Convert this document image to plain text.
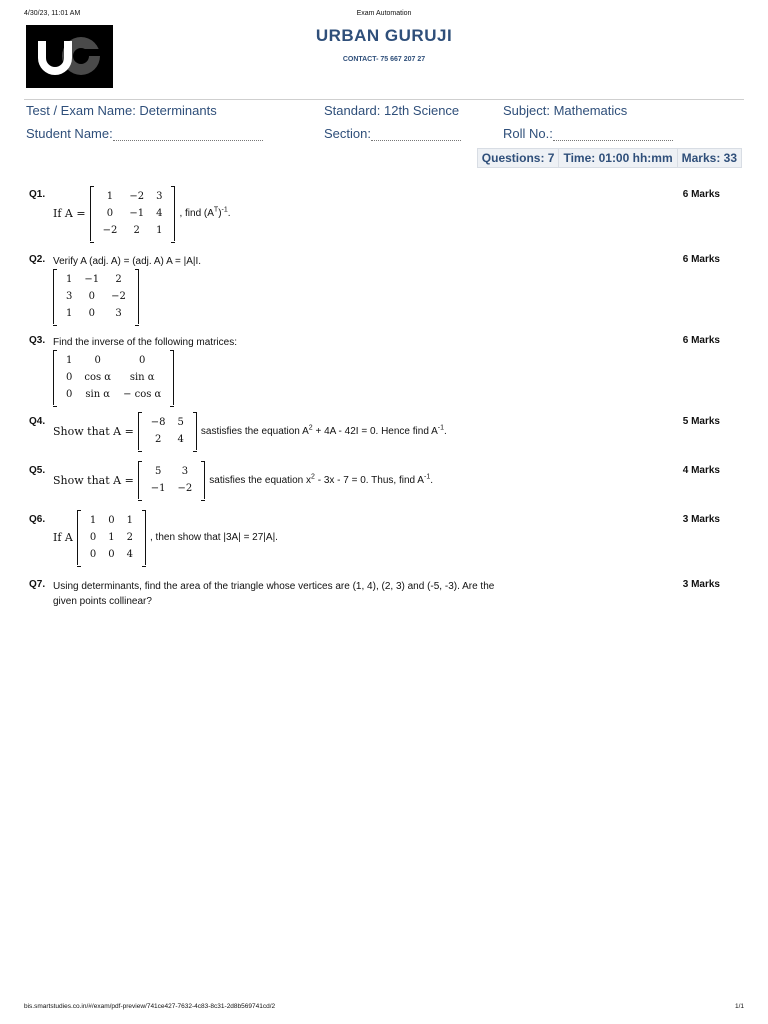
4/30/23, 11:01 AM	Exam Automation
URBAN GURUJI
CONTACT- 75 667 207 27
Test / Exam Name: Determinants	Standard: 12th Science	Subject: Mathematics
Student Name:	Section:	Roll No.:
Questions: 7 Time: 01:00 hh:mm Marks: 33
Q1.	6 Marks
If A =
1	−2	3
0	−1	4
−2	2	1
, find $(A^T)^{-1}$.
Q2.	6 Marks
Verify A (adj. A) = (adj. A) A = |A|I.
1	−1	2
3	0	−2
1	0	3
Q3.	6 Marks
Find the inverse of the following matrices:
1	0	0
0	cos α	sin α
0	sin α	− cos α
Q4.	5 Marks
Show that A =
−8	5
2	4
sastisfies the equation $A^2 + 4A - 42I = 0$. Hence find $A^{-1}$.
Q5.	4 Marks
Show that A =
5	3
−1	−2
satisfies the equation $x^2 - 3x - 7 = 0$. Thus, find $A^{-1}$.
Q6.	3 Marks
If A
1	0	1
0	1	2
0	0	4
, then show that |3A| = 27|A|.
Q7.	3 Marks
Using determinants, find the area of the triangle whose vertices are (1, 4), (2, 3) and (-5, -3). Are the
given points collinear?
bis.smartstudies.co.in/#/exam/pdf-preview/741ce427-7632-4c83-8c31-2d8b569741cd/2	1/1
